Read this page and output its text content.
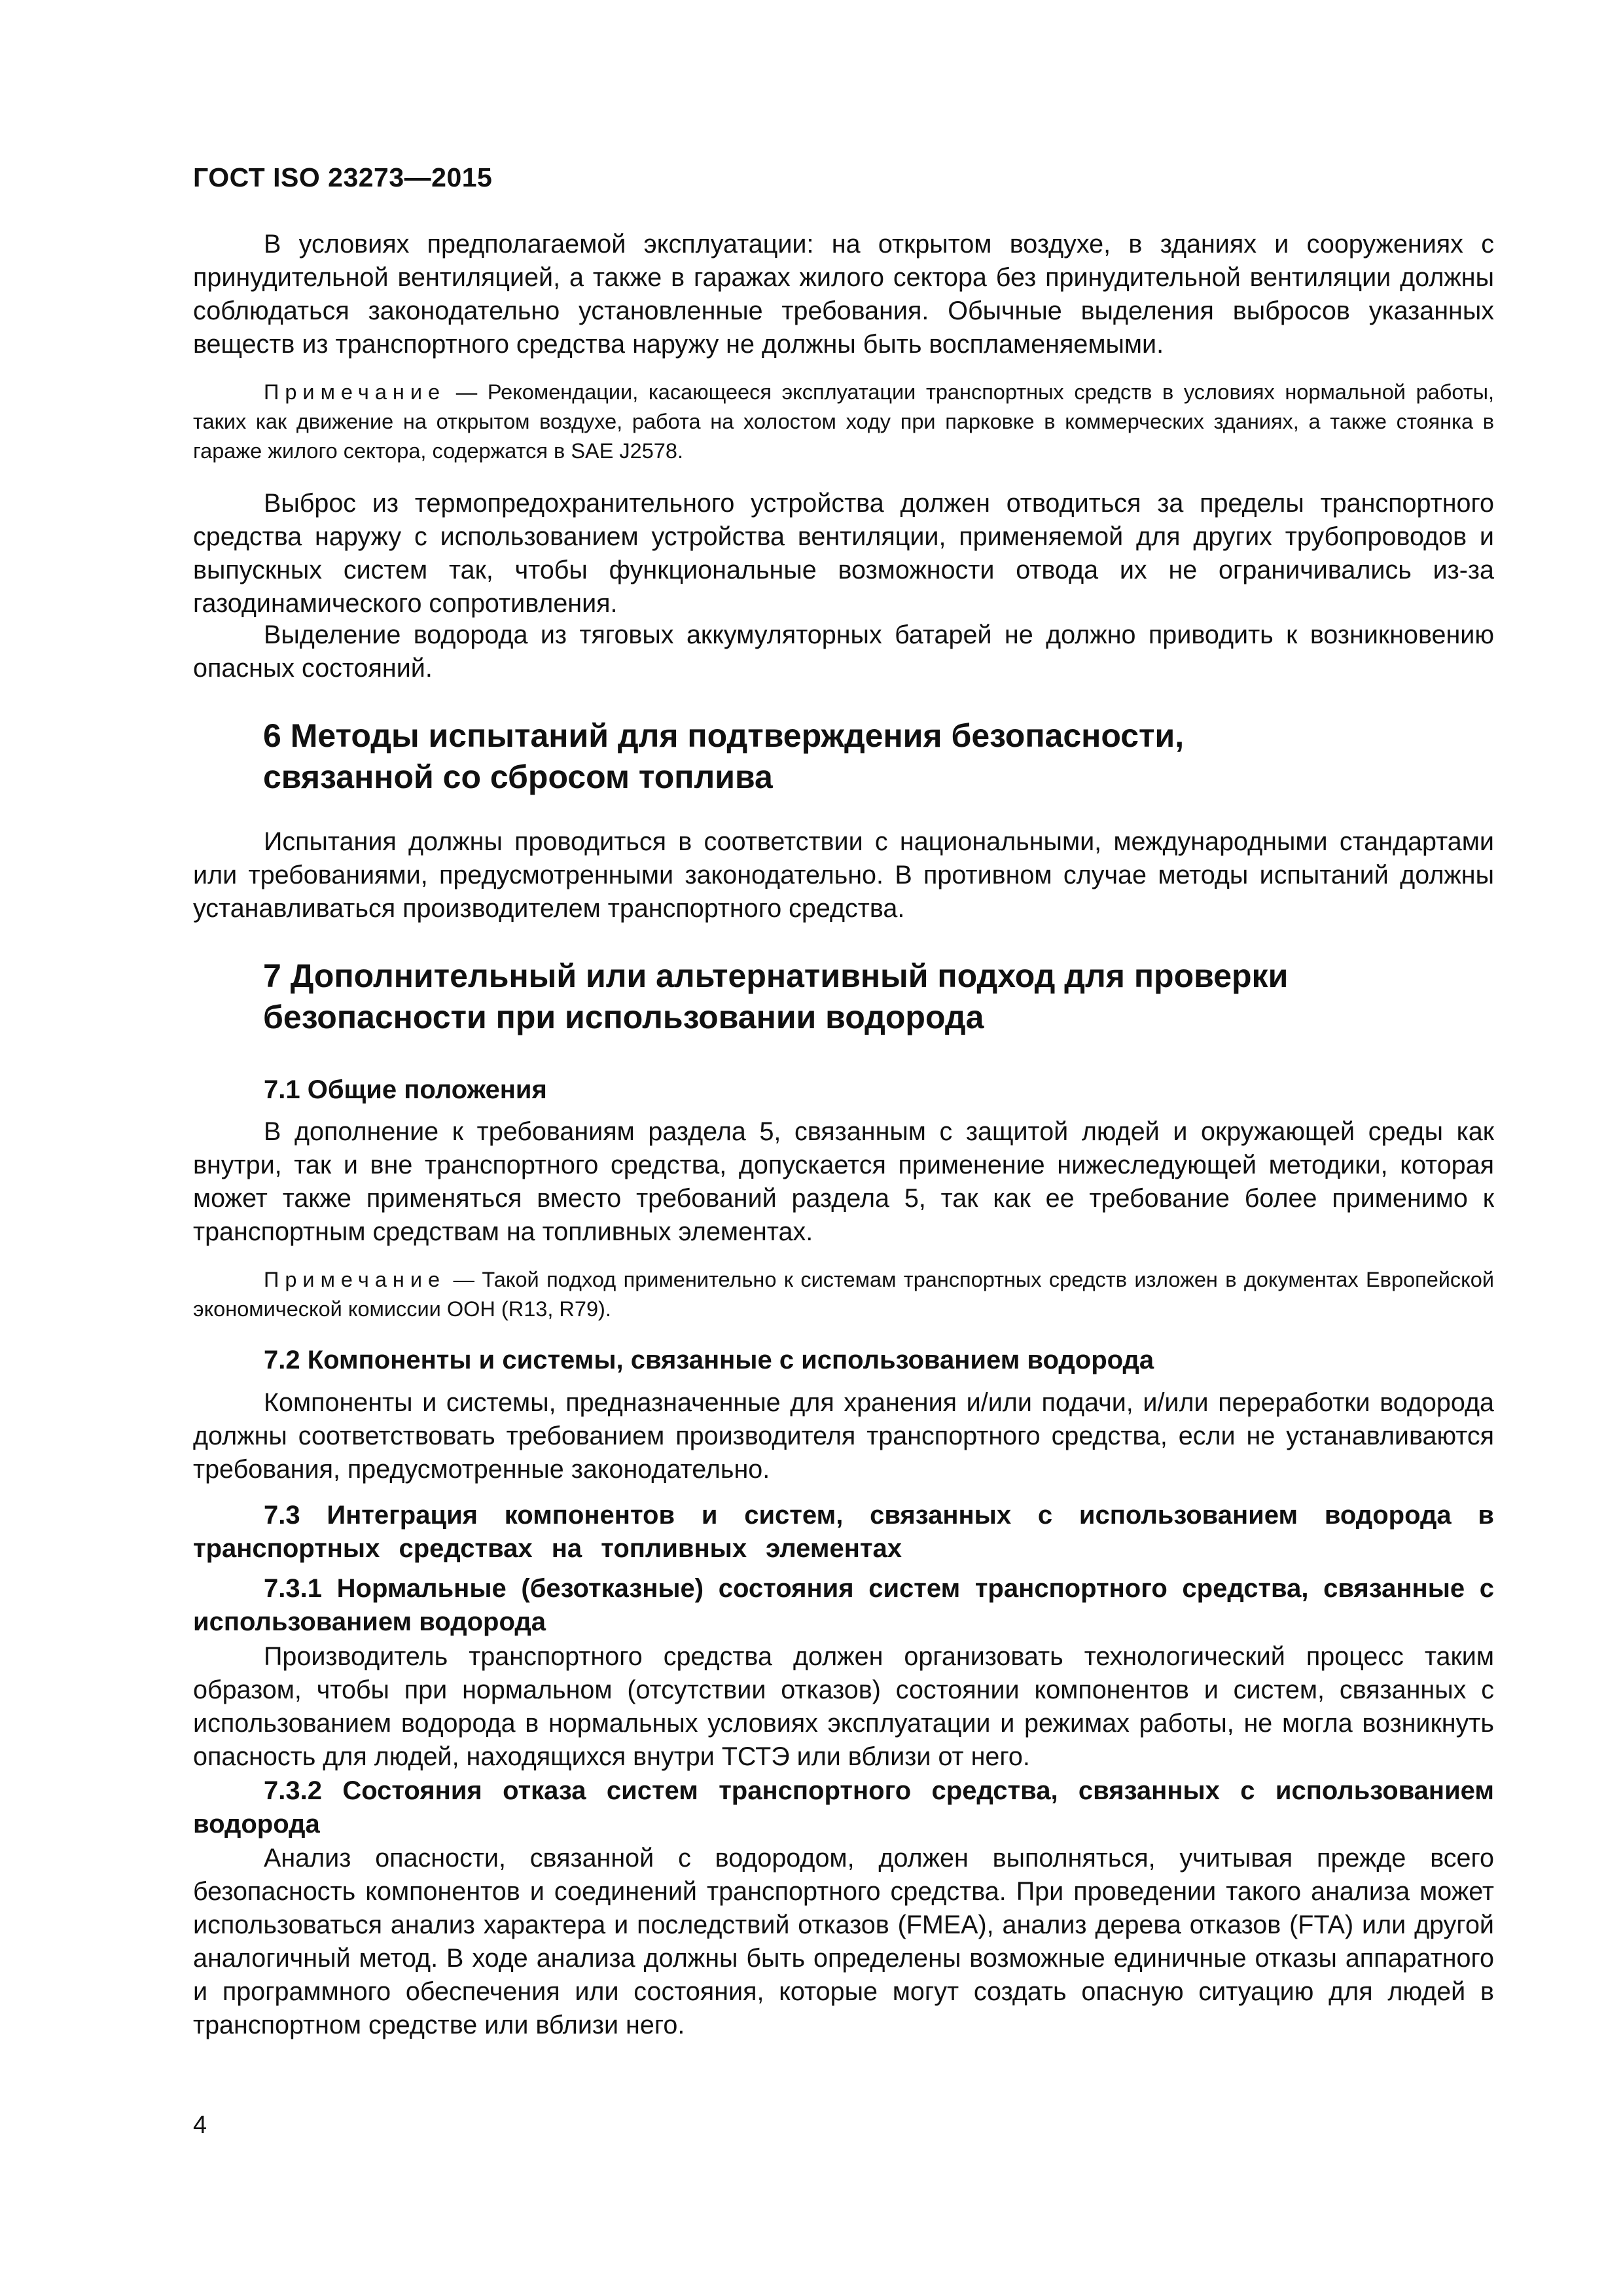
ГОСТ ISO 23273—2015

В условиях предполагаемой эксплуатации: на открытом воздухе, в зданиях и сооружениях с принудительной вентиляцией, а также в гаражах жилого сектора без принудительной вентиляции должны соблюдаться законодательно установленные требования. Обычные выделения выбросов указанных веществ из транспортного средства наружу не должны быть воспламеняемыми.

Примечание — Рекомендации, касающееся эксплуатации транспортных средств в условиях нормальной работы, таких как движение на открытом воздухе, работа на холостом ходу при парковке в коммерческих зданиях, а также стоянка в гараже жилого сектора, содержатся в SAE J2578.

Выброс из термопредохранительного устройства должен отводиться за пределы транспортного средства наружу с использованием устройства вентиляции, применяемой для других трубопроводов и выпускных систем так, чтобы функциональные возможности отвода их не ограничивались из-за газодинамического сопротивления.

Выделение водорода из тяговых аккумуляторных батарей не должно приводить к возникновению опасных состояний.

6 Методы испытаний для подтверждения безопасности, связанной со сбросом топлива

Испытания должны проводиться в соответствии с национальными, международными стандартами или требованиями, предусмотренными законодательно. В противном случае методы испытаний должны устанавливаться производителем транспортного средства.

7 Дополнительный или альтернативный подход для проверки безопасности при использовании водорода
7.1 Общие положения

В дополнение к требованиям раздела 5, связанным с защитой людей и окружающей среды как внутри, так и вне транспортного средства, допускается применение нижеследующей методики, которая может также применяться вместо требований раздела 5, так как ее требование более применимо к транспортным средствам на топливных элементах.

Примечание — Такой подход применительно к системам транспортных средств изложен в документах Европейской экономической комиссии ООН (R13, R79).

7.2 Компоненты и системы, связанные с использованием водорода

Компоненты и системы, предназначенные для хранения и/или подачи, и/или переработки водорода должны соответствовать требованием производителя транспортного средства, если не устанавливаются требования, предусмотренные законодательно.

7.3 Интеграция компонентов и систем, связанных с использованием водорода в транспортных средствах на топливных элементах
7.3.1 Нормальные (безотказные) состояния систем транспортного средства, связанные с использованием водорода

Производитель транспортного средства должен организовать технологический процесс таким образом, чтобы при нормальном (отсутствии отказов) состоянии компонентов и систем, связанных с использованием водорода в нормальных условиях эксплуатации и режимах работы, не могла возникнуть опасность для людей, находящихся внутри ТСТЭ или вблизи от него.

7.3.2 Состояния отказа систем транспортного средства, связанных с использованием водорода

Анализ опасности, связанной с водородом, должен выполняться, учитывая прежде всего безопасность компонентов и соединений транспортного средства. При проведении такого анализа может использоваться анализ характера и последствий отказов (FMEA), анализ дерева отказов (FTA) или другой аналогичный метод. В ходе анализа должны быть определены возможные единичные отказы аппаратного и программного обеспечения или состояния, которые могут создать опасную ситуацию для людей в транспортном средстве или вблизи него.

4
